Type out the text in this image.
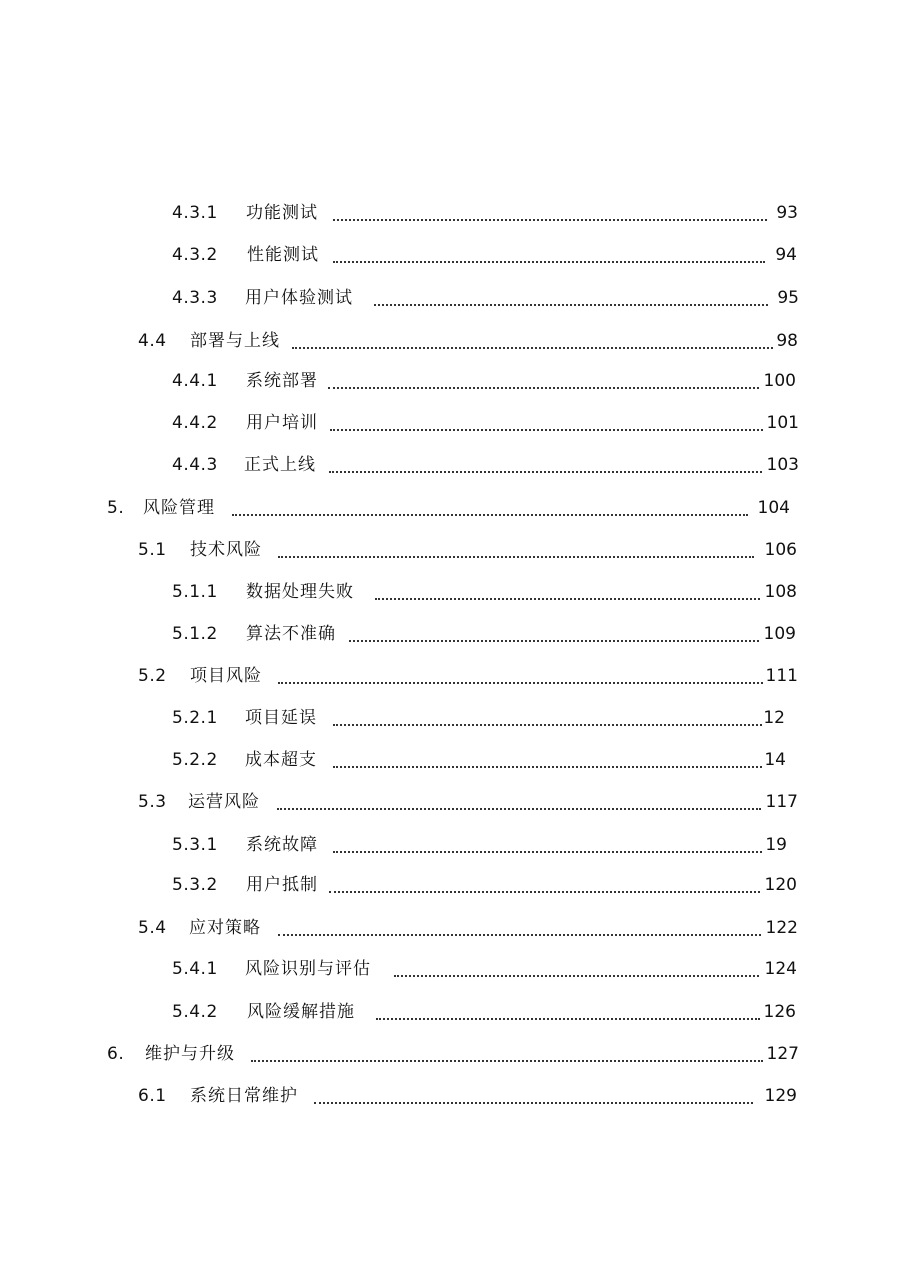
4.3.1 功能测试	93
4.3.2 性能测试	94
4.3.3 用户体验测试	95
4.4 部署与上线	98
4.4.1 系统部署	100
4.4.2 用户培训	101
4.4.3 正式上线	103
5. 风险管理	104
5.1 技术风险	106
5.1.1 数据处理失败	108
5.1.2 算法不准确	109
5.2 项目风险	111
5.2.1 项目延误	12
5.2.2 成本超支	14
5.3 运营风险	117
5.3.1 系统故障	19
5.3.2 用户抵制	120
5.4 应对策略	122
5.4.1 风险识别与评估	124
5.4.2 风险缓解措施	126
6. 维护与升级	127
6.1 系统日常维护	129
